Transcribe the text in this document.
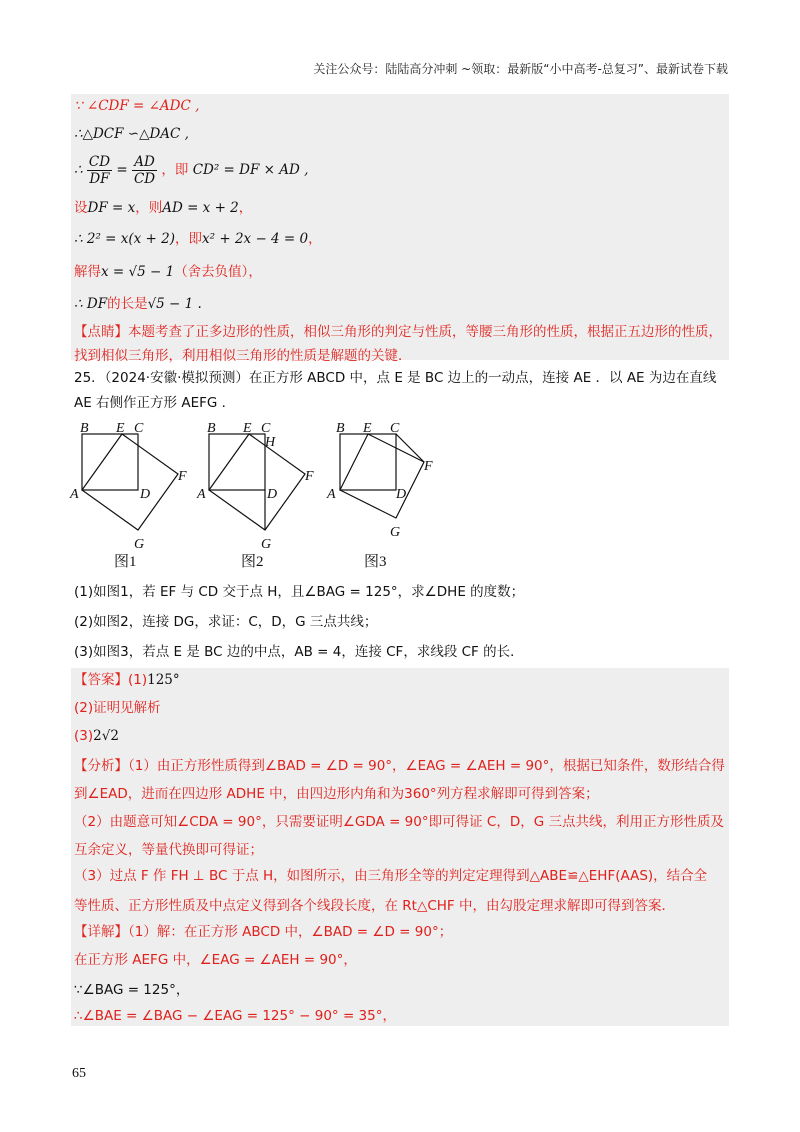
关注公众号：陆陆高分冲刺 ~领取：最新版“小中高考-总复习”、最新试卷下载
∵ ∠CDF = ∠ADC ,
∴△DCF ∽△DAC ,
∴ $\frac{CD}{DF} = \frac{AD}{CD}$ ，即 CD² = DF × AD ,
设DF = x，则AD = x + 2，
∴ 2² = x(x + 2)，即x² + 2x − 4 = 0，
解得x = √5 − 1（舍去负值），
∴ DF的长是√5 − 1 .
【点睛】本题考查了正多边形的性质，相似三角形的判定与性质，等腰三角形的性质，根据正五边形的性质，找到相似三角形，利用相似三角形的性质是解题的关键．
25．（2024·安徽·模拟预测）在正方形 ABCD 中，点 E 是 BC 边上的一动点，连接 AE ．以 AE 为边在直线
AE 右侧作正方形 AEFG ．
B E C
A	D
F
G
图1
B E C
H
A	D
F
G
图2
B E C
A	D
F
G
图3
(1)如图1，若 EF 与 CD 交于点 H，且∠BAG = 125°，求∠DHE 的度数；
(2)如图2，连接 DG，求证：C，D，G 三点共线；
(3)如图3，若点 E 是 BC 边的中点，AB = 4，连接 CF，求线段 CF 的长．
【答案】(1)125°
(2)证明见解析
(3)2√2
【分析】（1）由正方形性质得到∠BAD = ∠D = 90°，∠EAG = ∠AEH = 90°，根据已知条件，数形结合得
到∠EAD，进而在四边形 ADHE 中，由四边形内角和为360°列方程求解即可得到答案；
（2）由题意可知∠CDA = 90°，只需要证明∠GDA = 90°即可得证 C，D，G 三点共线，利用正方形性质及
互余定义，等量代换即可得证；
（3）过点 F 作 FH ⊥ BC 于点 H，如图所示，由三角形全等的判定定理得到△ABE≌△EHF(AAS)，结合全
等性质、正方形性质及中点定义得到各个线段长度，在 Rt△CHF 中，由勾股定理求解即可得到答案．
【详解】（1）解：在正方形 ABCD 中，∠BAD = ∠D = 90°；
在正方形 AEFG 中，∠EAG = ∠AEH = 90°，
∵∠BAG = 125°，
∴∠BAE = ∠BAG − ∠EAG = 125° − 90° = 35°，
65
